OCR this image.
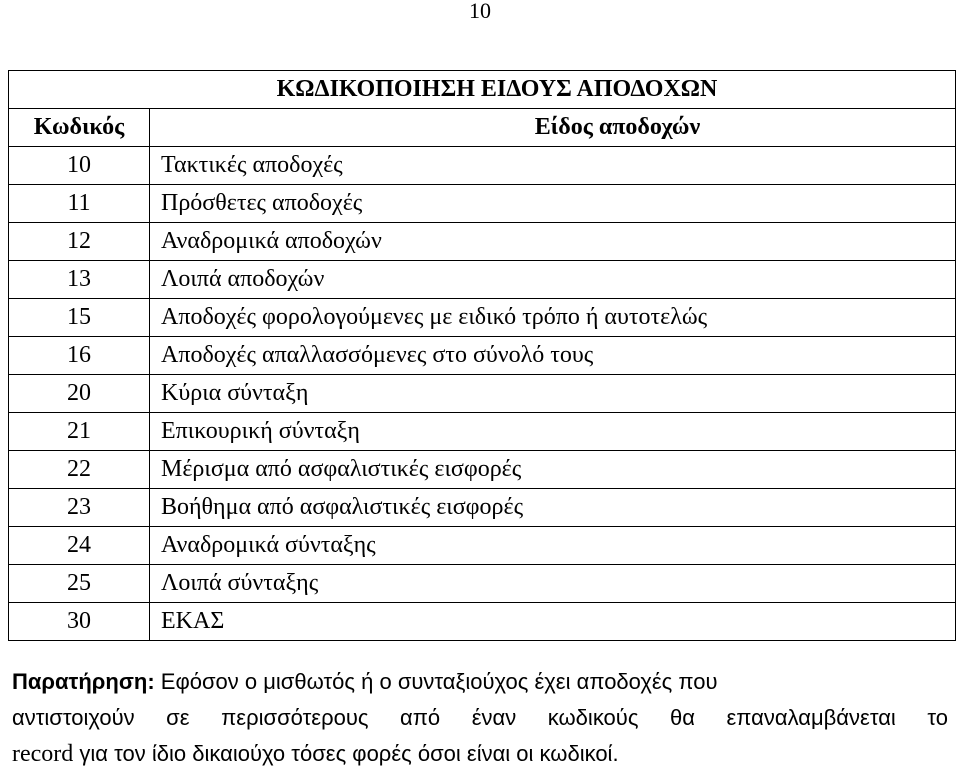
10
ΚΩΔΙΚΟΠΟΙΗΣΗ ΕΙΔΟΥΣ ΑΠΟΔΟΧΩΝ	
Κωδικός	Είδος αποδοχών
10	Τακτικές αποδοχές
11	Πρόσθετες αποδοχές
12	Αναδρομικά αποδοχών
13	Λοιπά αποδοχών
15	Αποδοχές φορολογούμενες με ειδικό τρόπο ή αυτοτελώς
16	Αποδοχές απαλλασσόμενες στο σύνολό τους
20	Κύρια σύνταξη
21	Επικουρική σύνταξη
22	Μέρισμα από ασφαλιστικές εισφορές
23	Βοήθημα από ασφαλιστικές εισφορές
24	Αναδρομικά σύνταξης
25	Λοιπά σύνταξης
30	ΕΚΑΣ
Παρατήρηση: Εφόσον ο μισθωτός ή ο συνταξιούχος έχει αποδοχές που
αντιστοιχούν σε περισσότερους από έναν κωδικούς θα επαναλαμβάνεται το
record για τον ίδιο δικαιούχο τόσες φορές όσοι είναι οι κωδικοί.
